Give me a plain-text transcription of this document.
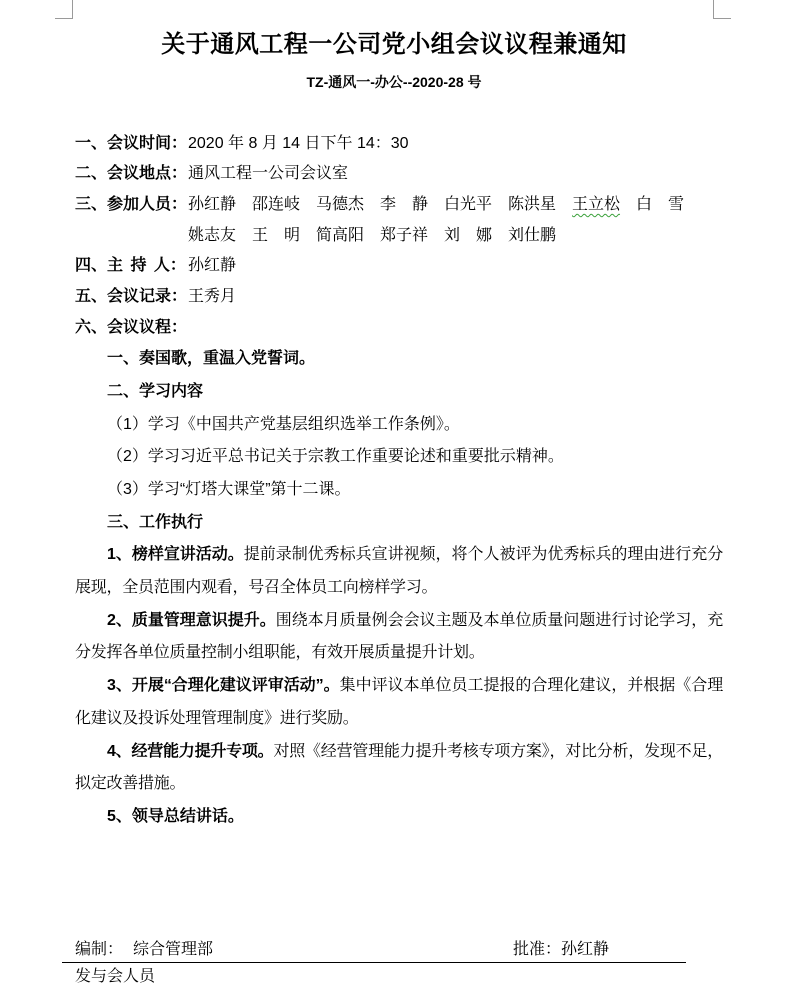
关于通风工程一公司党小组会议议程兼通知
TZ-通风一-办公--2020-28 号
一、会议时间：2020 年 8 月 14 日下午 14：30
二、会议地点：通风工程一公司会议室
三、参加人员： 孙红静 邵连岐 马德杰 李 静 白光平 陈洪星 王立松 白 雪
姚志友 王 明 简高阳 郑子祥 刘 娜 刘仕鹏
四、主 持 人： 孙红静
五、会议记录：王秀月
六、会议议程：
一、奏国歌，重温入党誓词。
二、学习内容
（1）学习《中国共产党基层组织选举工作条例》。
（2）学习习近平总书记关于宗教工作重要论述和重要批示精神。
（3）学习“灯塔大课堂”第十二课。
三、工作执行

1、榜样宣讲活动。提前录制优秀标兵宣讲视频，将个人被评为优秀标兵的理由进行充分展现，全员范围内观看，号召全体员工向榜样学习。

2、质量管理意识提升。围绕本月质量例会会议主题及本单位质量问题进行讨论学习，充分发挥各单位质量控制小组职能，有效开展质量提升计划。

3、开展“合理化建议评审活动”。集中评议本单位员工提报的合理化建议，并根据《合理化建议及投诉处理管理制度》进行奖励。

4、经营能力提升专项。对照《经营管理能力提升考核专项方案》，对比分析，发现不足，拟定改善措施。

5、领导总结讲话。
编制： 综合管理部	批准：孙红静
发与会人员
